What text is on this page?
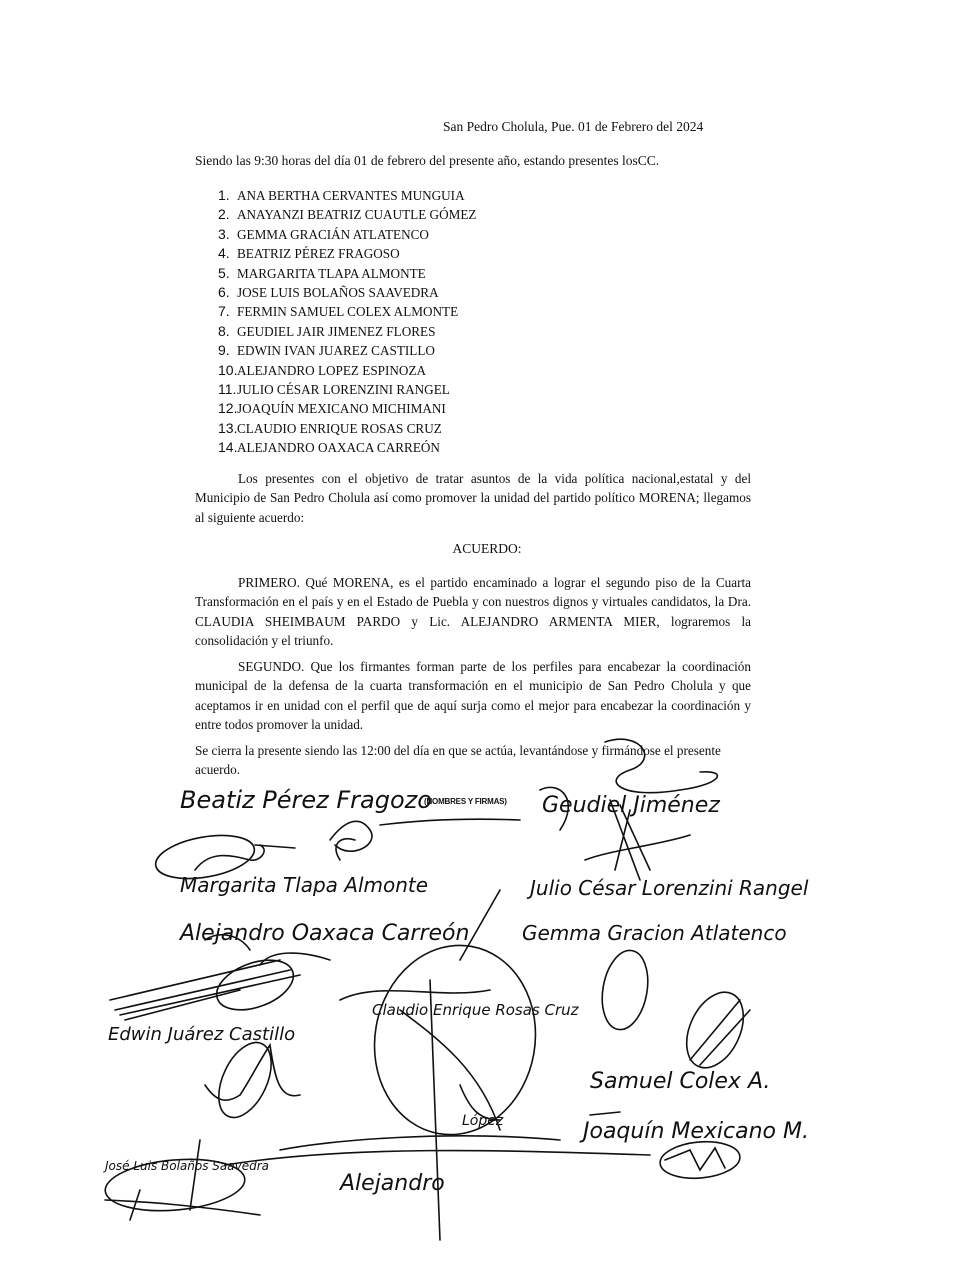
San Pedro Cholula, Pue. 01 de Febrero del 2024
Siendo las 9:30 horas del día 01 de febrero del presente año, estando presentes losCC.
1. ANA BERTHA CERVANTES MUNGUIA
2. ANAYANZI BEATRIZ CUAUTLE GÓMEZ
3. GEMMA GRACIÁN ATLATENCO
4. BEATRIZ PÉREZ FRAGOSO
5. MARGARITA TLAPA ALMONTE
6. JOSE LUIS BOLAÑOS SAAVEDRA
7. FERMIN SAMUEL COLEX ALMONTE
8. GEUDIEL JAIR JIMENEZ FLORES
9. EDWIN IVAN JUAREZ CASTILLO
10.ALEJANDRO LOPEZ ESPINOZA
11.JULIO CÉSAR LORENZINI RANGEL
12.JOAQUÍN MEXICANO MICHIMANI
13.CLAUDIO ENRIQUE ROSAS CRUZ
14.ALEJANDRO OAXACA CARREÓN
Los presentes con el objetivo de tratar asuntos de la vida política nacional,estatal y del Municipio de San Pedro Cholula así como promover la unidad del partido político MORENA; llegamos al siguiente acuerdo:
ACUERDO:
PRIMERO. Qué MORENA, es el partido encaminado a lograr el segundo piso de la Cuarta Transformación en el país y en el Estado de Puebla y con nuestros dignos y virtuales candidatos, la Dra. CLAUDIA SHEIMBAUM PARDO y Lic. ALEJANDRO ARMENTA MIER, lograremos la consolidación y el triunfo.
SEGUNDO. Que los firmantes forman parte de los perfiles para encabezar la coordinación municipal de la defensa de la cuarta transformación en el municipio de San Pedro Cholula y que aceptamos ir en unidad con el perfil que de aquí surja como el mejor para encabezar la coordinación y entre todos promover la unidad.
Se cierra la presente siendo las 12:00 del día en que se actúa, levantándose y firmándose el presente acuerdo.
(NOMBRES Y FIRMAS)
Beatiz Pérez Fragozo	Geudiel Jiménez
Margarita Tlapa Almonte	Julio César Lorenzini Rangel
Alejandro Oaxaca Carreón	Gemma Gracion Atlatenco
Edwin Juárez Castillo
Claudio Enrique Rosas Cruz
Samuel Colex A.
Joaquín Mexicano M.
José Luis Bolaños Saavedra
Alejandro
López
